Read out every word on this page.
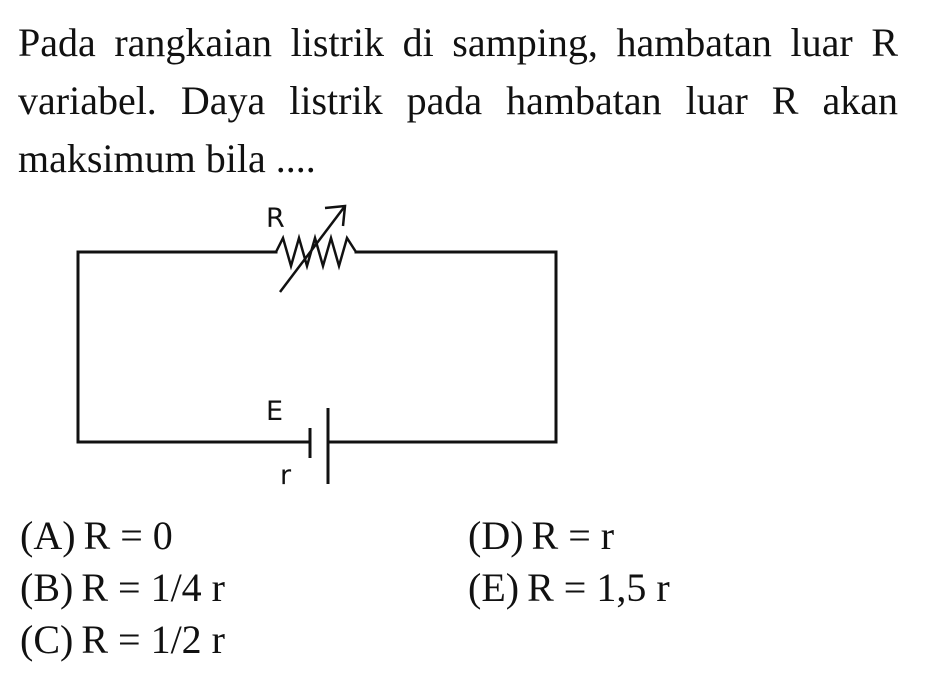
Pada rangkaian listrik di samping, hambatan luar R variabel. Daya listrik pada hambatan luar R akan maksimum bila ....

R
E
r
(A) R = 0
(B) R = 1/4 r
(C) R = 1/2 r
(D) R = r
(E) R = 1,5 r
